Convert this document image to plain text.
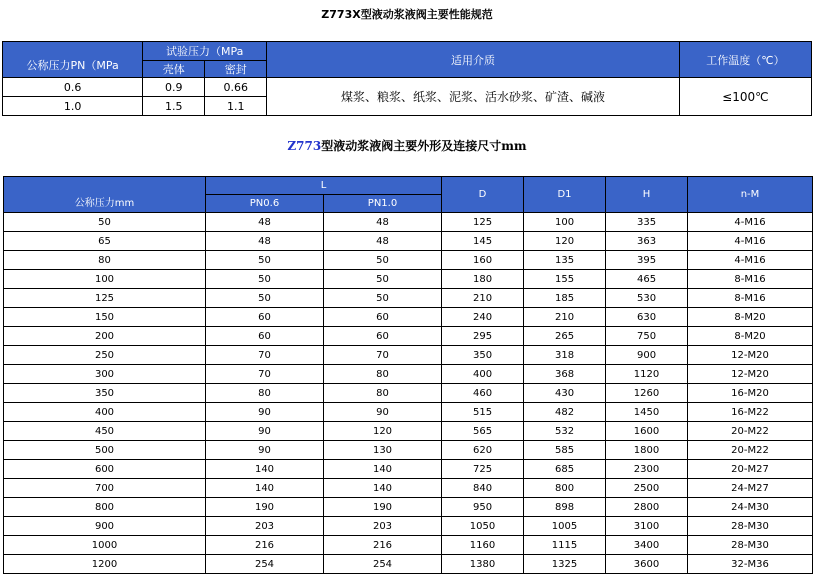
Z773X型液动浆液阀主要性能规范
公称压力PN（MPa	试验压力（MPa		适用介质	工作温度（℃）
	壳体	密封		
0.6	0.9	0.66	煤浆、粮浆、纸浆、泥浆、活水砂浆、矿渣、碱液	≤100℃
1.0	1.5	1.1		
Z773型液动浆液阀主要外形及连接尺寸mm
公称压力mm	L		D	D1	H	n-M
	PN0.6	PN1.0				
50	48	48	125	100	335	4-M16
65	48	48	145	120	363	4-M16
80	50	50	160	135	395	4-M16
100	50	50	180	155	465	8-M16
125	50	50	210	185	530	8-M16
150	60	60	240	210	630	8-M20
200	60	60	295	265	750	8-M20
250	70	70	350	318	900	12-M20
300	70	80	400	368	1120	12-M20
350	80	80	460	430	1260	16-M20
400	90	90	515	482	1450	16-M22
450	90	120	565	532	1600	20-M22
500	90	130	620	585	1800	20-M22
600	140	140	725	685	2300	20-M27
700	140	140	840	800	2500	24-M27
800	190	190	950	898	2800	24-M30
900	203	203	1050	1005	3100	28-M30
1000	216	216	1160	1115	3400	28-M30
1200	254	254	1380	1325	3600	32-M36
